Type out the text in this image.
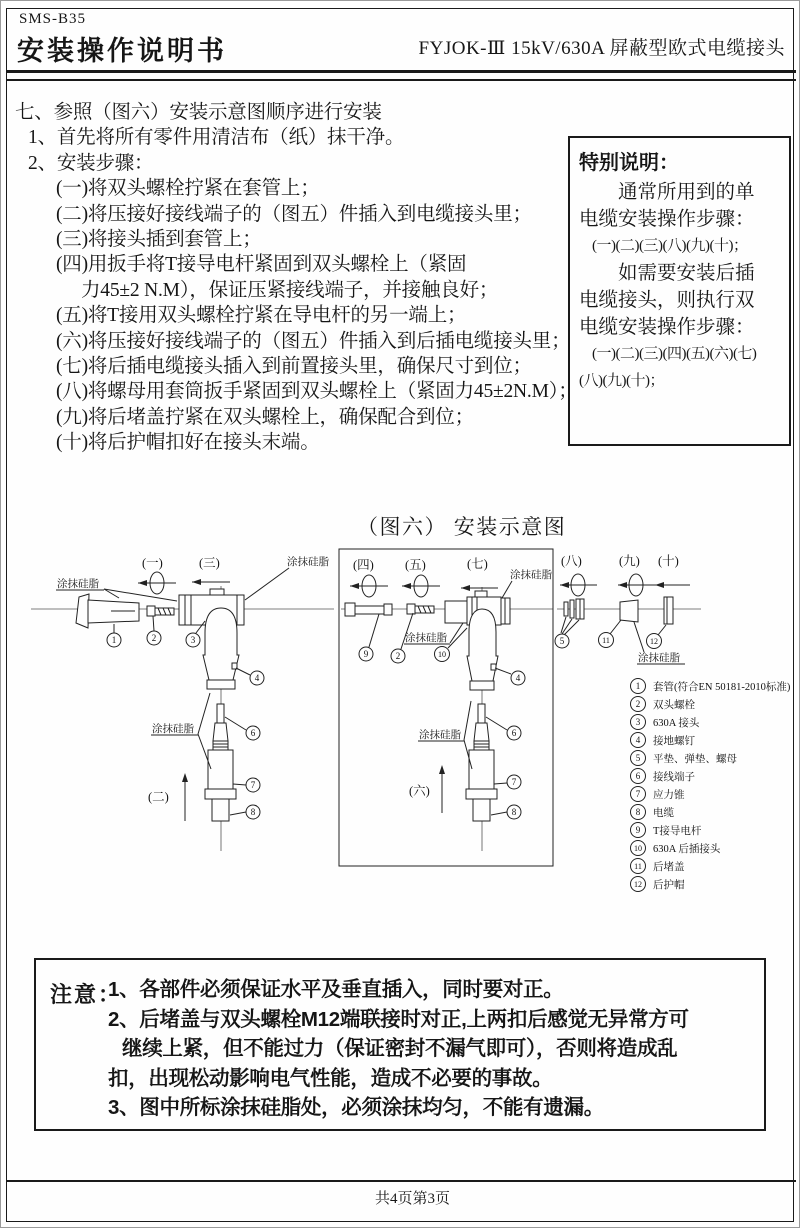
SMS-B35
安装操作说明书	FYJOK-Ⅲ 15kV/630A 屏蔽型欧式电缆接头
七、参照（图六）安装示意图顺序进行安装
1、首先将所有零件用清洁布（纸）抹干净。
2、安装步骤：
(一)将双头螺栓拧紧在套管上；
(二)将压接好接线端子的（图五）件插入到电缆接头里；
(三)将接头插到套管上；
(四)用扳手将T接导电杆紧固到双头螺栓上（紧固
力45±2 N.M），保证压紧接线端子，并接触良好；
(五)将T接用双头螺栓拧紧在导电杆的另一端上；
(六)将压接好接线端子的（图五）件插入到后插电缆接头里；
(七)将后插电缆接头插入到前置接头里，确保尺寸到位；
(八)将螺母用套筒扳手紧固到双头螺栓上（紧固力45±2N.M）；
(九)将后堵盖拧紧在双头螺栓上，确保配合到位；
(十)将后护帽扣好在接头末端。
特别说明：
通常所用到的单
电缆安装操作步骤：
(一)(二)(三)(八)(九)(十)；
如需要安装后插
电缆接头，则执行双
电缆安装操作步骤：
(一)(二)(三)(四)(五)(六)(七)
(八)(九)(十)；
（图六） 安装示意图
1	2	3
4
6
7
8
涂抹硅脂
涂抹硅脂
涂抹硅脂
(一)	(三)
(二)
(四) (五)	(七)
涂抹硅脂
9	2
涂抹硅脂
10
4
6
7
8
涂抹硅脂
(六)
(八)	(九) (十)
5	11	12
涂抹硅脂
1 套管(符合EN 50181-2010标准)
2 双头螺栓
3 630A 接头
4 接地螺钉
5 平垫、弹垫、螺母
6 接线端子
7 应力锥
8 电缆
9 T接导电杆
10 630A 后插接头
11 后堵盖
12 后护帽
注意：
1、各部件必须保证水平及垂直插入，同时要对正。
2、后堵盖与双头螺栓M12端联接时对正,上两扣后感觉无异常方可
继续上紧，但不能过力（保证密封不漏气即可），否则将造成乱
扣，出现松动影响电气性能，造成不必要的事故。
3、图中所标涂抹硅脂处，必须涂抹均匀，不能有遗漏。
共4页第3页
